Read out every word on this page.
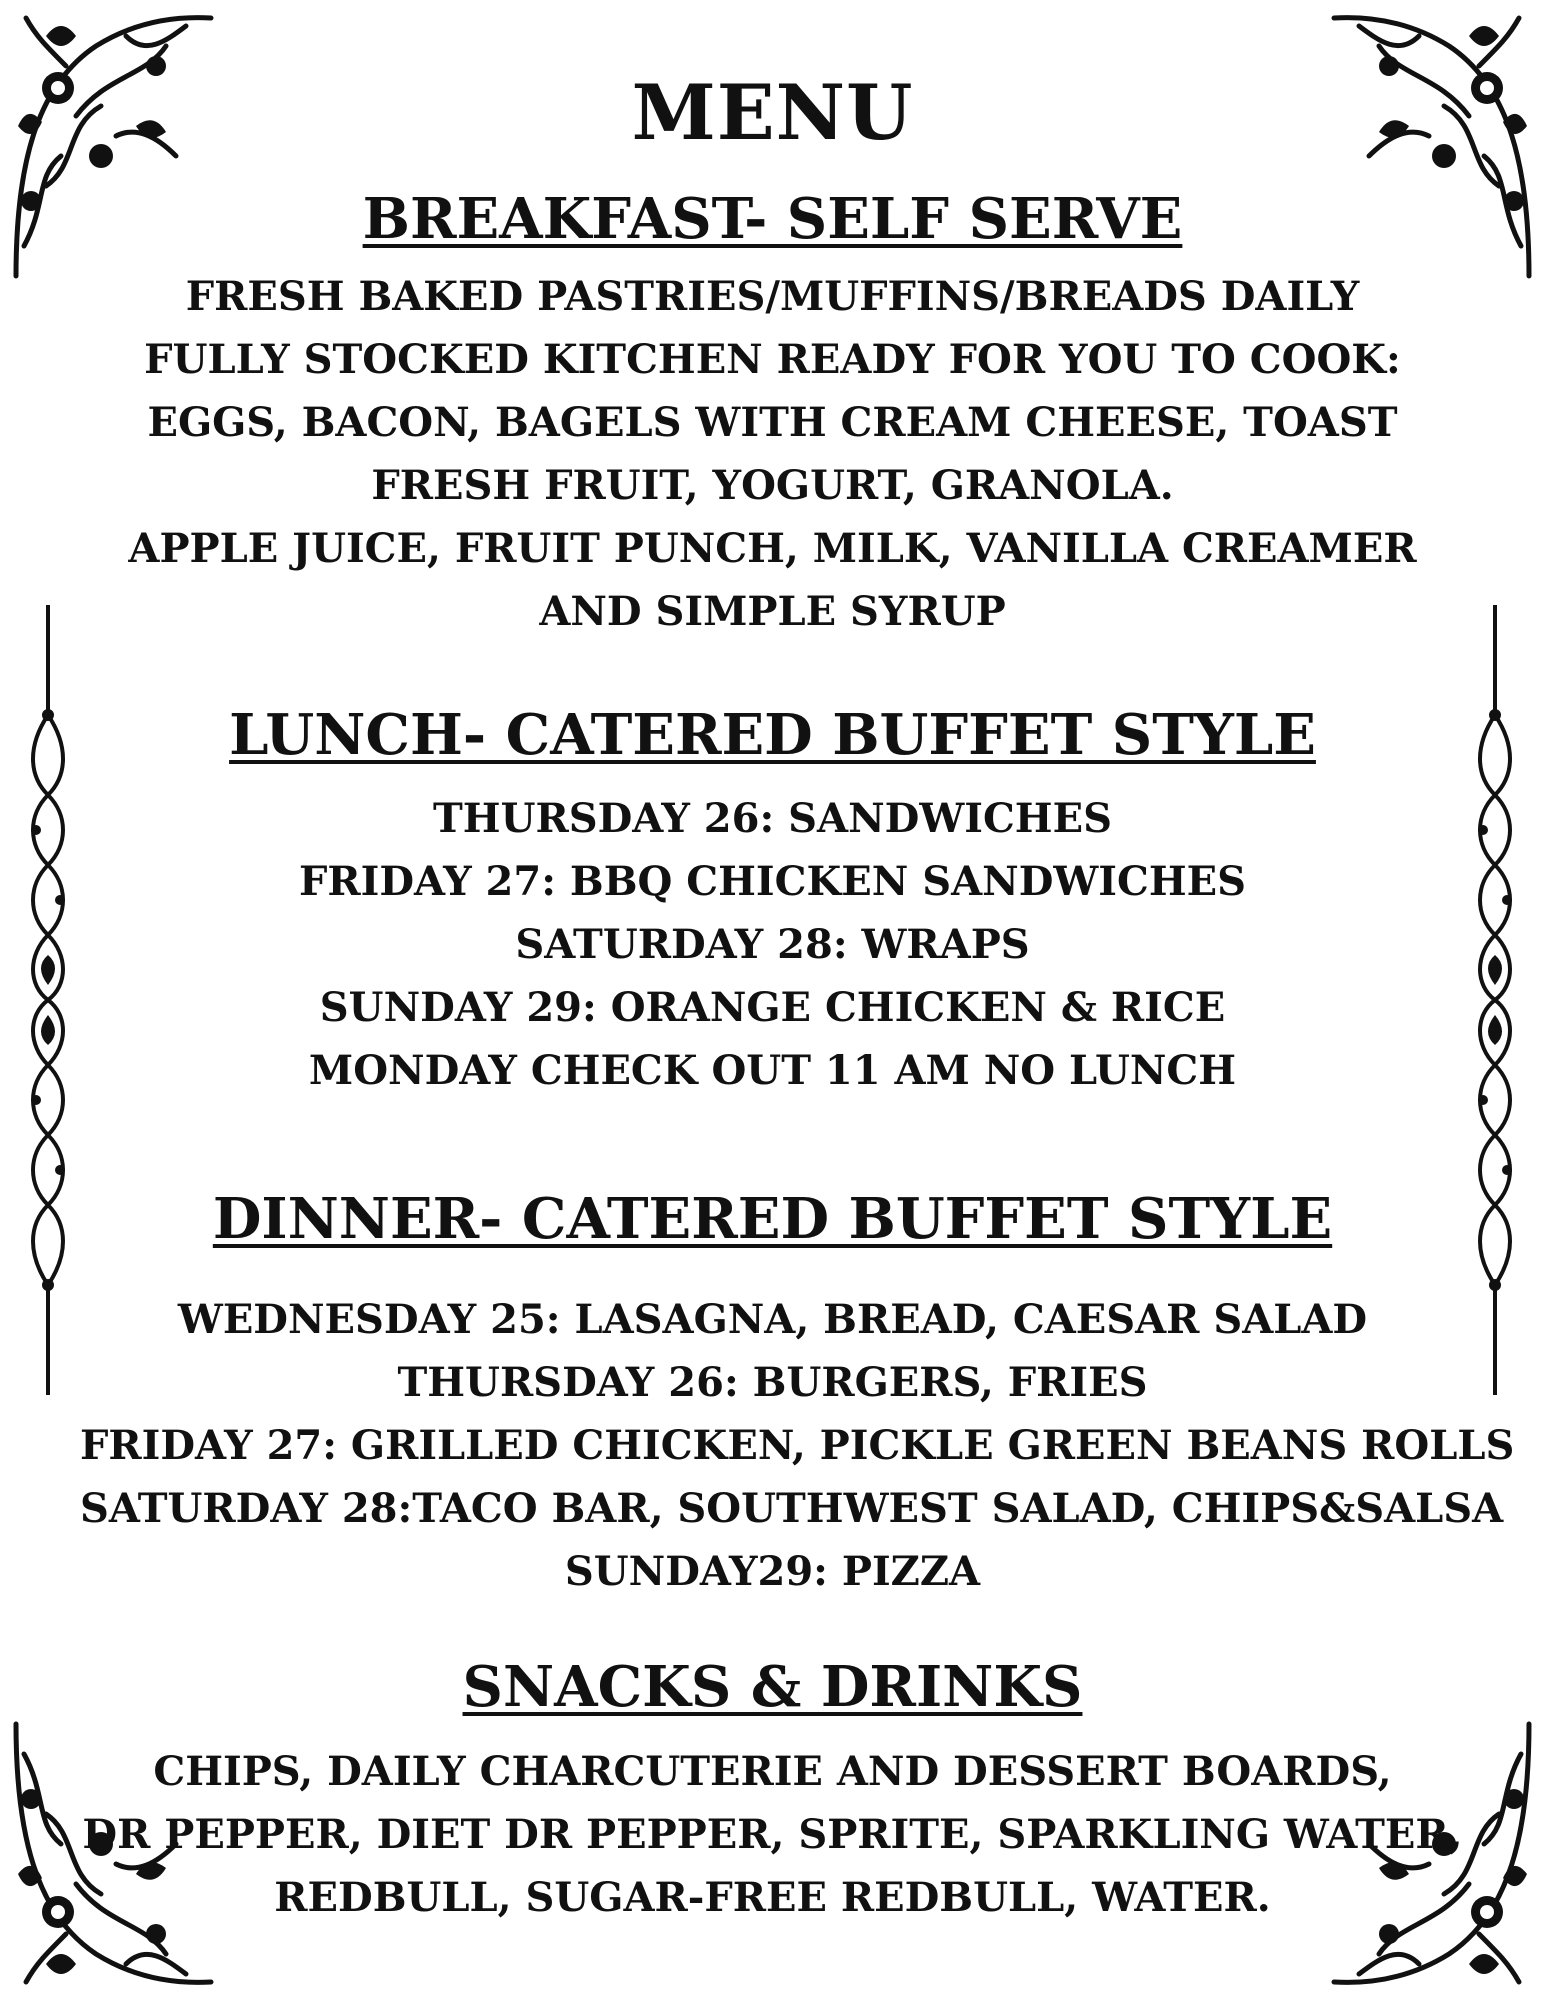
MENU
BREAKFAST- SELF SERVE
FRESH BAKED PASTRIES/MUFFINS/BREADS DAILY
FULLY STOCKED KITCHEN READY FOR YOU TO COOK:
EGGS, BACON, BAGELS WITH CREAM CHEESE, TOAST
FRESH FRUIT, YOGURT, GRANOLA.
APPLE JUICE, FRUIT PUNCH, MILK, VANILLA CREAMER AND SIMPLE SYRUP
LUNCH- CATERED BUFFET STYLE
THURSDAY 26: SANDWICHES
FRIDAY 27: BBQ CHICKEN SANDWICHES
SATURDAY 28: WRAPS
SUNDAY 29: ORANGE CHICKEN & RICE
MONDAY CHECK OUT 11 AM NO LUNCH
DINNER- CATERED BUFFET STYLE
WEDNESDAY 25: LASAGNA, BREAD, CAESAR SALAD
THURSDAY 26: BURGERS, FRIES
FRIDAY 27: GRILLED CHICKEN, PICKLE GREEN BEANS ROLLS
SATURDAY 28:TACO BAR, SOUTHWEST SALAD, CHIPS&SALSA
SUNDAY29: PIZZA
SNACKS & DRINKS
CHIPS, DAILY CHARCUTERIE AND DESSERT BOARDS,
DR PEPPER, DIET DR PEPPER, SPRITE, SPARKLING WATER,
REDBULL, SUGAR-FREE REDBULL, WATER.
